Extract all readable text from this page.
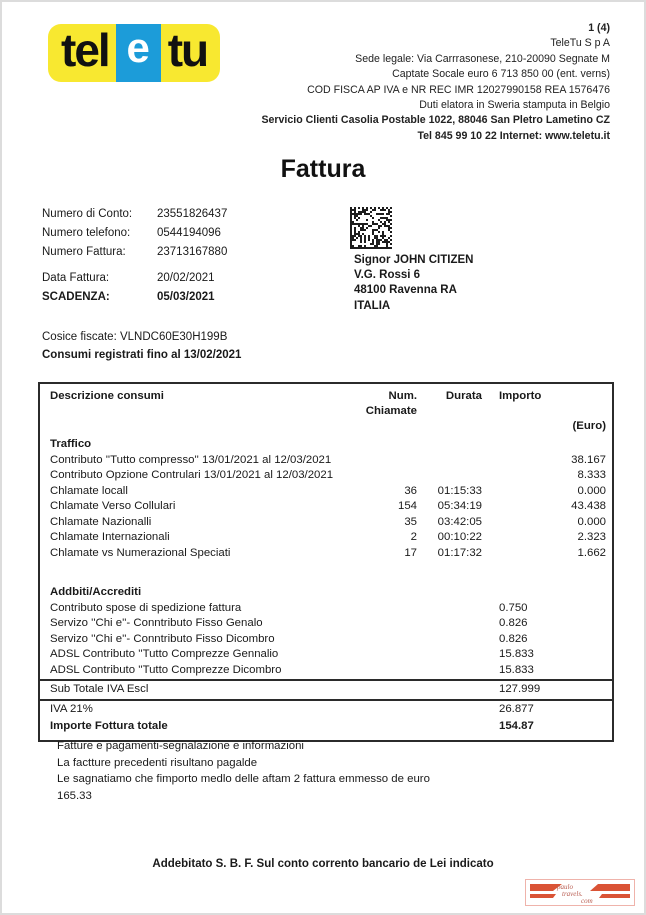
tel e tu	1 (4)
TeleTu S p A
Sede legale: Via Carrrasonese, 210-20090 Segnate M
Captate Socale euro 6 713 850 00 (ent. verns)
COD FISCA AP IVA e NR REC IMR 12027990158 REA 1576476
Duti elatora in Sweria stamputa in Belgio
Servicio Clienti Casolia Postable 1022, 88046 San Pletro Lametino CZ
Tel 845 99 10 22 Internet: www.teletu.it
Fattura
Numero di Conto:	23551826437
Numero telefono:	0544194096
Numero Fattura:	23713167880
Data Fattura:	20/02/2021
SCADENZA:	05/03/2021
Signor JOHN CITIZEN
V.G. Rossi 6
48100 Ravenna RA
ITALIA
Cosice fiscate: VLNDC60E30H199B
Consumi registrati fino al 13/02/2021
Descrizione consumi	Num.
Chiamate
Durata	Importo
(Euro)
Traffico
Contributo ''Tutto compresso'' 13/01/2021 al 12/03/2021	38.167
Contributo Opzione Contrulari 13/01/2021 al 12/03/2021	8.333
Chlamate locall	36	01:15:33	0.000
Chlamate Verso Collulari	154	05:34:19	43.438
Chlamate Nazionalli	35	03:42:05	0.000
Chlamate Internazionali	2	00:10:22	2.323
Chlamate vs Numerazional Speciati	17	01:17:32	1.662
Addbiti/Accrediti
Contributo spose di spedizione fattura	0.750
Servizo ''Chi e''- Conntributo Fisso Genalo	0.826
Servizo ''Chi e''- Conntributo Fisso Dicombro	0.826
ADSL Contributo ''Tutto Comprezze Gennalio	15.833
ADSL Contributo ''Tutto Comprezze Dicombro	15.833
Sub Totale IVA Escl	127.999
IVA 21%	26.877
Importe Fottura totale	154.87
Fatture e pagamenti-segnalazione e informazioni
La factture precedenti risultano pagalde
Le sagnatiamo che fimporto medlo delle aftam 2 fattura emmesso de euro
165.33
Addebitato S. B. F. Sul conto corrento bancario de Lei indicato
paulo
travels.
com
